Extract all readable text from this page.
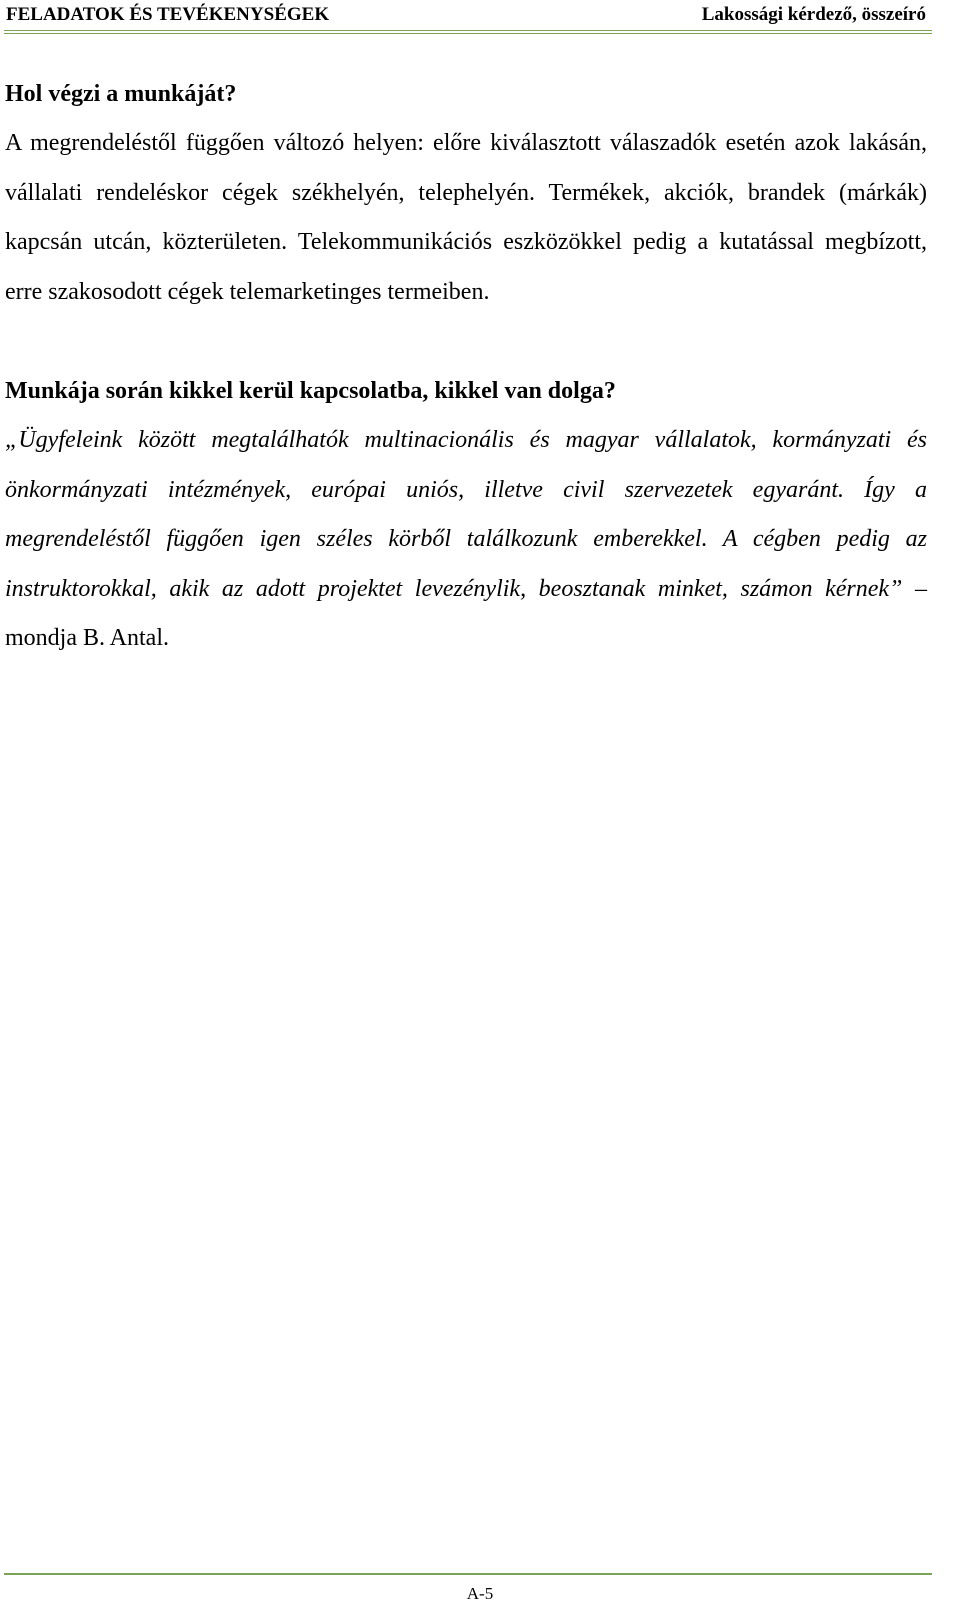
FELADATOK ÉS TEVÉKENYSÉGEK	Lakossági kérdező, összeíró
Hol végzi a munkáját?

A megrendeléstől függően változó helyen: előre kiválasztott válaszadók esetén azok lakásán, vállalati rendeléskor cégek székhelyén, telephelyén. Termékek, akciók, brandek (márkák) kapcsán utcán, közterületen. Telekommunikációs eszközökkel pedig a kutatással megbízott, erre szakosodott cégek telemarketinges termeiben.

Munkája során kikkel kerül kapcsolatba, kikkel van dolga?

„Ügyfeleink között megtalálhatók multinacionális és magyar vállalatok, kormányzati és önkormányzati intézmények, európai uniós, illetve civil szervezetek egyaránt. Így a megrendeléstől függően igen széles körből találkozunk emberekkel. A cégben pedig az instruktorokkal, akik az adott projektet levezénylik, beosztanak minket, számon kérnek” – mondja B. Antal.

A-5
